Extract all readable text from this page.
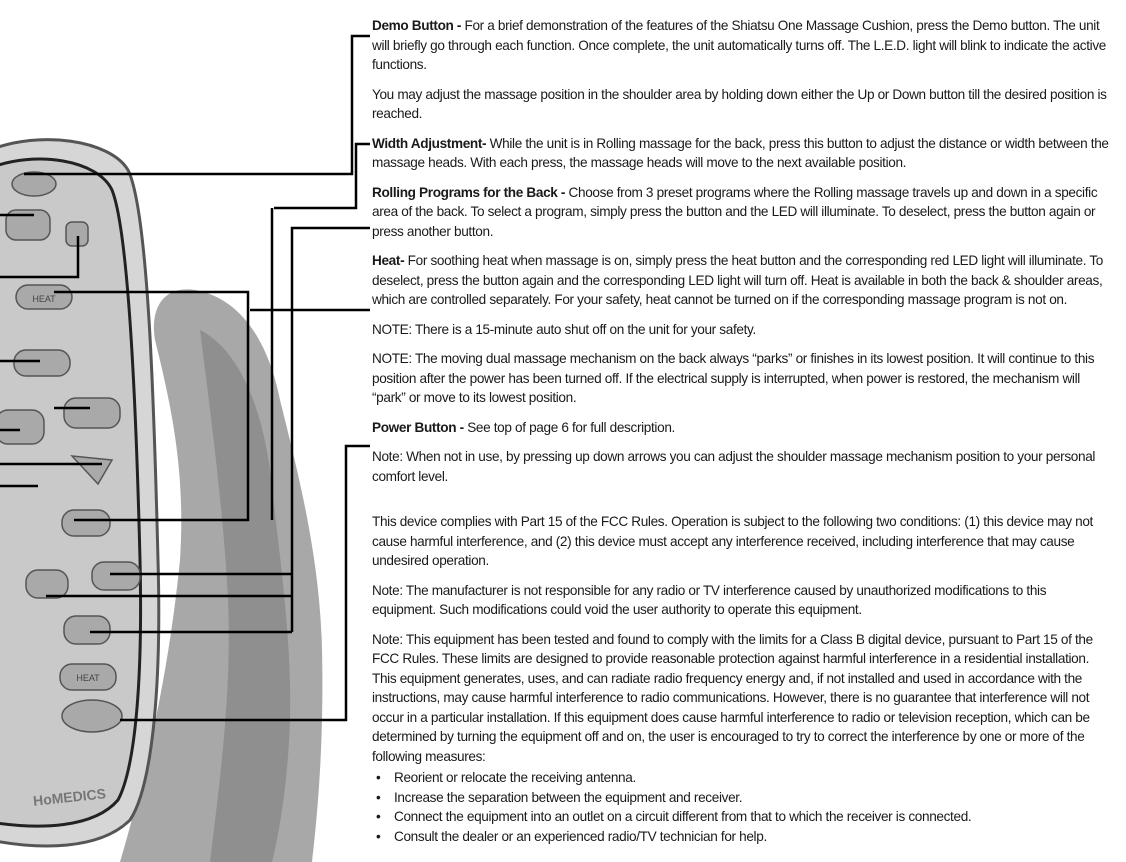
HEAT
HEAT
HoMEDICS

Demo Button - For a brief demonstration of the features of the Shiatsu One Massage Cushion, press the Demo button. The unit will briefly go through each function. Once complete, the unit automatically turns off. The L.E.D. light will blink to indicate the active functions.

You may adjust the massage position in the shoulder area by holding down either the Up or Down button till the desired position is reached.

Width Adjustment- While the unit is in Rolling massage for the back, press this button to adjust the distance or width between the massage heads. With each press, the massage heads will move to the next available position.

Rolling Programs for the Back - Choose from 3 preset programs where the Rolling massage travels up and down in a specific area of the back. To select a program, simply press the button and the LED will illuminate. To deselect, press the button again or press another button.

Heat- For soothing heat when massage is on, simply press the heat button and the corresponding red LED light will illuminate. To deselect, press the button again and the corresponding LED light will turn off. Heat is available in both the back & shoulder areas, which are controlled separately. For your safety, heat cannot be turned on if the corresponding massage program is not on.

NOTE: There is a 15-minute auto shut off on the unit for your safety.

NOTE: The moving dual massage mechanism on the back always “parks” or finishes in its lowest position. It will continue to this position after the power has been turned off. If the electrical supply is interrupted, when power is restored, the mechanism will “park” or move to its lowest position.

Power Button - See top of page 6 for full description.

Note: When not in use, by pressing up down arrows you can adjust the shoulder massage mechanism position to your personal comfort level.

This device complies with Part 15 of the FCC Rules. Operation is subject to the following two conditions: (1) this device may not cause harmful interference, and (2) this device must accept any interference received, including interference that may cause undesired operation.

Note: The manufacturer is not responsible for any radio or TV interference caused by unauthorized modifications to this equipment. Such modifications could void the user authority to operate this equipment.

Note: This equipment has been tested and found to comply with the limits for a Class B digital device, pursuant to Part 15 of the FCC Rules. These limits are designed to provide reasonable protection against harmful interference in a residential installation. This equipment generates, uses, and can radiate radio frequency energy and, if not installed and used in accordance with the instructions, may cause harmful interference to radio communications. However, there is no guarantee that interference will not occur in a particular installation. If this equipment does cause harmful interference to radio or television reception, which can be determined by turning the equipment off and on, the user is encouraged to try to correct the interference by one or more of the following measures:

• Reorient or relocate the receiving antenna.
• Increase the separation between the equipment and receiver.
• Connect the equipment into an outlet on a circuit different from that to which the receiver is connected.
• Consult the dealer or an experienced radio/TV technician for help.
